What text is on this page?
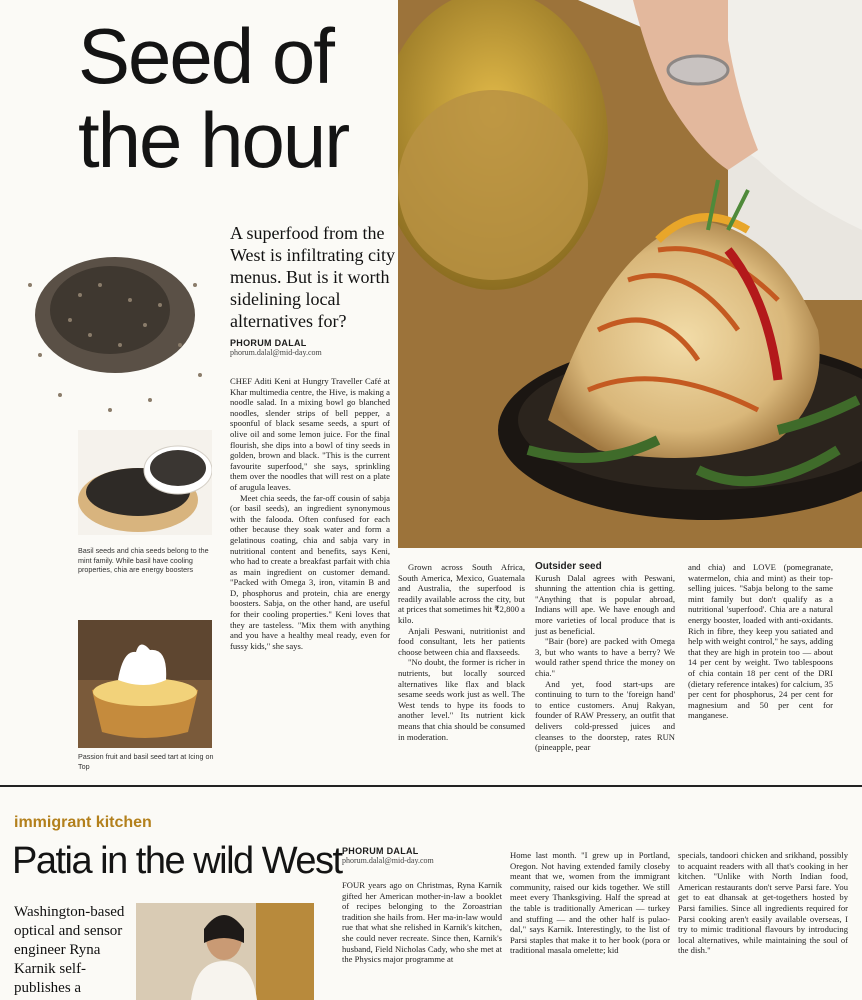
Seed of
the hour
A superfood from the West is infiltrating city menus. But is it worth sidelining local alternatives for?
PHORUM DALAL
phorum.dalal@mid-day.com
Basil seeds and chia seeds belong to the mint family. While basil have cooling properties, chia are energy boosters
Passion fruit and basil seed tart at Icing on Top

CHEF Aditi Keni at Hungry Traveller Café at Khar multimedia centre, the Hive, is making a noodle salad. In a mixing bowl go blanched noodles, slender strips of bell pepper, a spoonful of black sesame seeds, a spurt of olive oil and some lemon juice. For the final flourish, she dips into a bowl of tiny seeds in golden, brown and black. "This is the current favourite superfood," she says, sprinkling them over the noodles that will rest on a plate of arugula leaves.

Meet chia seeds, the far-off cousin of sabja (or basil seeds), an ingredient synonymous with the falooda. Often confused for each other because they soak water and form a gelatinous coating, chia and sabja vary in nutritional content and benefits, says Keni, who had to create a breakfast parfait with chia as main ingredient on customer demand. "Packed with Omega 3, iron, vitamin B and D, phosphorus and protein, chia are energy boosters. Sabja, on the other hand, are useful for their cooling properties." Keni loves that they are tasteless. "Mix them with anything and you have a healthy meal ready, even for fussy kids," she says.

Grown across South Africa, South America, Mexico, Guatemala and Australia, the superfood is readily available across the city, but at prices that sometimes hit ₹2,800 a kilo.

Anjali Peswani, nutritionist and food consultant, lets her patients choose between chia and flaxseeds.

"No doubt, the former is richer in nutrients, but locally sourced alternatives like flax and black sesame seeds work just as well. The West tends to hype its foods to another level." Its nutrient kick means that chia should be consumed in moderation.

Outsider seed

Kurush Dalal agrees with Peswani, shunning the attention chia is getting. "Anything that is popular abroad, Indians will ape. We have enough and more varieties of local produce that is just as beneficial.

"Bair (bore) are packed with Omega 3, but who wants to have a berry? We would rather spend thrice the money on chia."

And yet, food start-ups are continuing to turn to the 'foreign hand' to entice customers. Anuj Rakyan, founder of RAW Pressery, an outfit that delivers cold-pressed juices and cleanses to the doorstep, rates RUN (pineapple, pear

and chia) and LOVE (pomegranate, watermelon, chia and mint) as their top-selling juices. "Sabja belong to the same mint family but don't qualify as a nutritional 'superfood'. Chia are a natural energy booster, loaded with anti-oxidants. Rich in fibre, they keep you satiated and help with weight control," he says, adding that they are high in protein too — about 14 per cent by weight. Two tablespoons of chia contain 18 per cent of the DRI (dietary reference intakes) for calcium, 35 per cent for phosphorus, 24 per cent for magnesium and 50 per cent for manganese.

immigrant kitchen
Patia in the wild West
Washington-based optical and sensor engineer Ryna Karnik self-publishes a
PHORUM DALAL
phorum.dalal@mid-day.com

FOUR years ago on Christmas, Ryna Karnik gifted her American mother-in-law a booklet of recipes belonging to the Zoroastrian tradition she hails from. Her ma-in-law would rue that what she relished in Karnik's kitchen, she could never recreate. Since then, Karnik's husband, Field Nicholas Cady, who she met at the Physics major programme at

Home last month. "I grew up in Portland, Oregon. Not having extended family closeby meant that we, women from the immigrant community, raised our kids together. We still meet every Thanksgiving. Half the spread at the table is traditionally American — turkey and stuffing — and the other half is pulao-dal," says Karnik. Interestingly, to the list of Parsi staples that make it to her book (pora or traditional masala omelette; kid

specials, tandoori chicken and srikhand, possibly to acquaint readers with all that's cooking in her kitchen. "Unlike with North Indian food, American restaurants don't serve Parsi fare. You get to eat dhansak at get-togethers hosted by Parsi families. Since all ingredients required for Parsi cooking aren't easily available overseas, I try to mimic traditional flavours by introducing local alternatives, while maintaining the soul of the dish."
